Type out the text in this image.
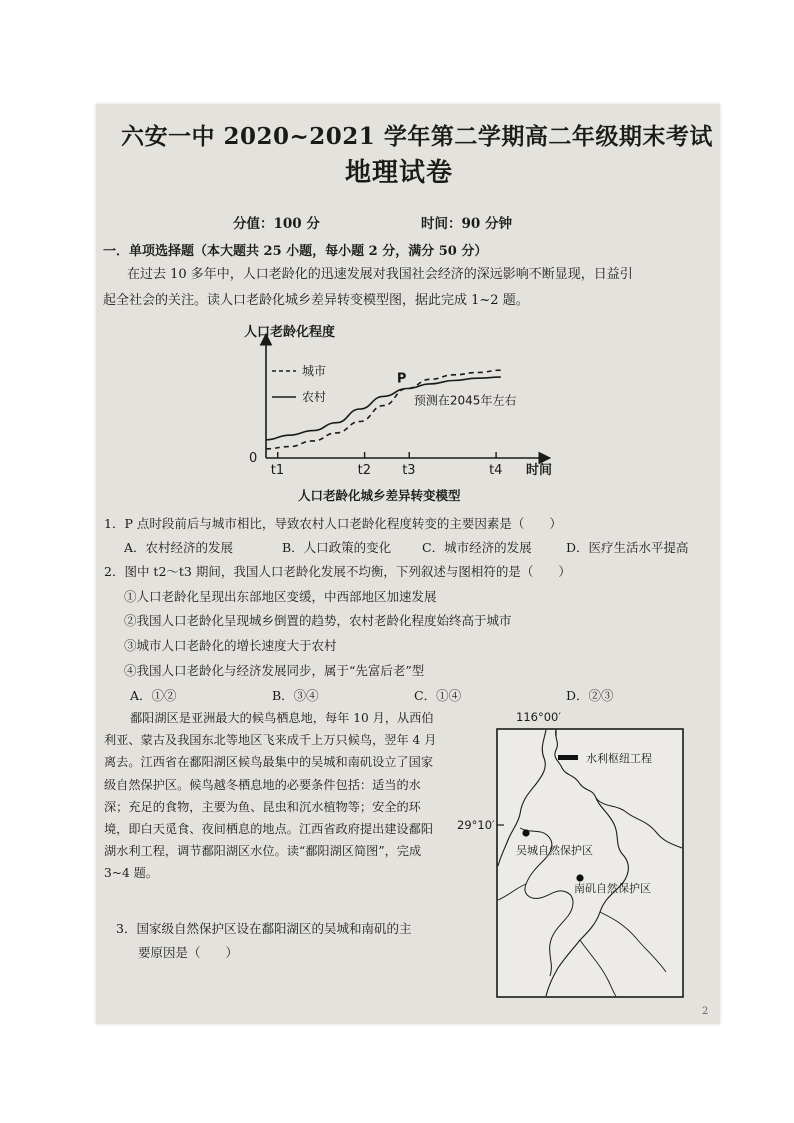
六安一中 2020~2021 学年第二学期高二年级期末考试
地理试卷
分值：100 分	时间：90 分钟
一．单项选择题（本大题共 25 小题，每小题 2 分，满分 50 分）
在过去 10 多年中，人口老龄化的迅速发展对我国社会经济的深远影响不断显现，日益引
起全社会的关注。读人口老龄化城乡差异转变模型图，据此完成 1~2 题。
人口老龄化程度
时间
0
t1	t2 t3	t4
P
预测在2045年左右
城市
农村
人口老龄化城乡差异转变模型
1．P 点时段前后与城市相比，导致农村人口老龄化程度转变的主要因素是（　　）
A．农村经济的发展	B．人口政策的变化 C．城市经济的发展	D．医疗生活水平提高
2．图中 t2～t3 期间，我国人口老龄化发展不均衡，下列叙述与图相符的是（　　）
①人口老龄化呈现出东部地区变缓，中西部地区加速发展
②我国人口老龄化呈现城乡倒置的趋势，农村老龄化程度始终高于城市
③城市人口老龄化的增长速度大于农村
④我国人口老龄化与经济发展同步，属于“先富后老”型
A．①②	B．③④	C．①④	D．②③
鄱阳湖区是亚洲最大的候鸟栖息地，每年 10 月，从西伯利亚、蒙古及我国东北等地区飞来成千上万只候鸟，翌年 4 月离去。江西省在鄱阳湖区候鸟最集中的吴城和南矶设立了国家级自然保护区。候鸟越冬栖息地的必要条件包括：适当的水深；充足的食物，主要为鱼、昆虫和沉水植物等；安全的环境，即白天觅食、夜间栖息的地点。江西省政府提出建设鄱阳湖水利工程，调节鄱阳湖区水位。读“鄱阳湖区简图”，完成 3~4 题。
3．国家级自然保护区设在鄱阳湖区的吴城和南矶的主
要原因是（　　）
116°00′
水利枢纽工程
吴城自然保护区
南矶自然保护区
29°10′
2
